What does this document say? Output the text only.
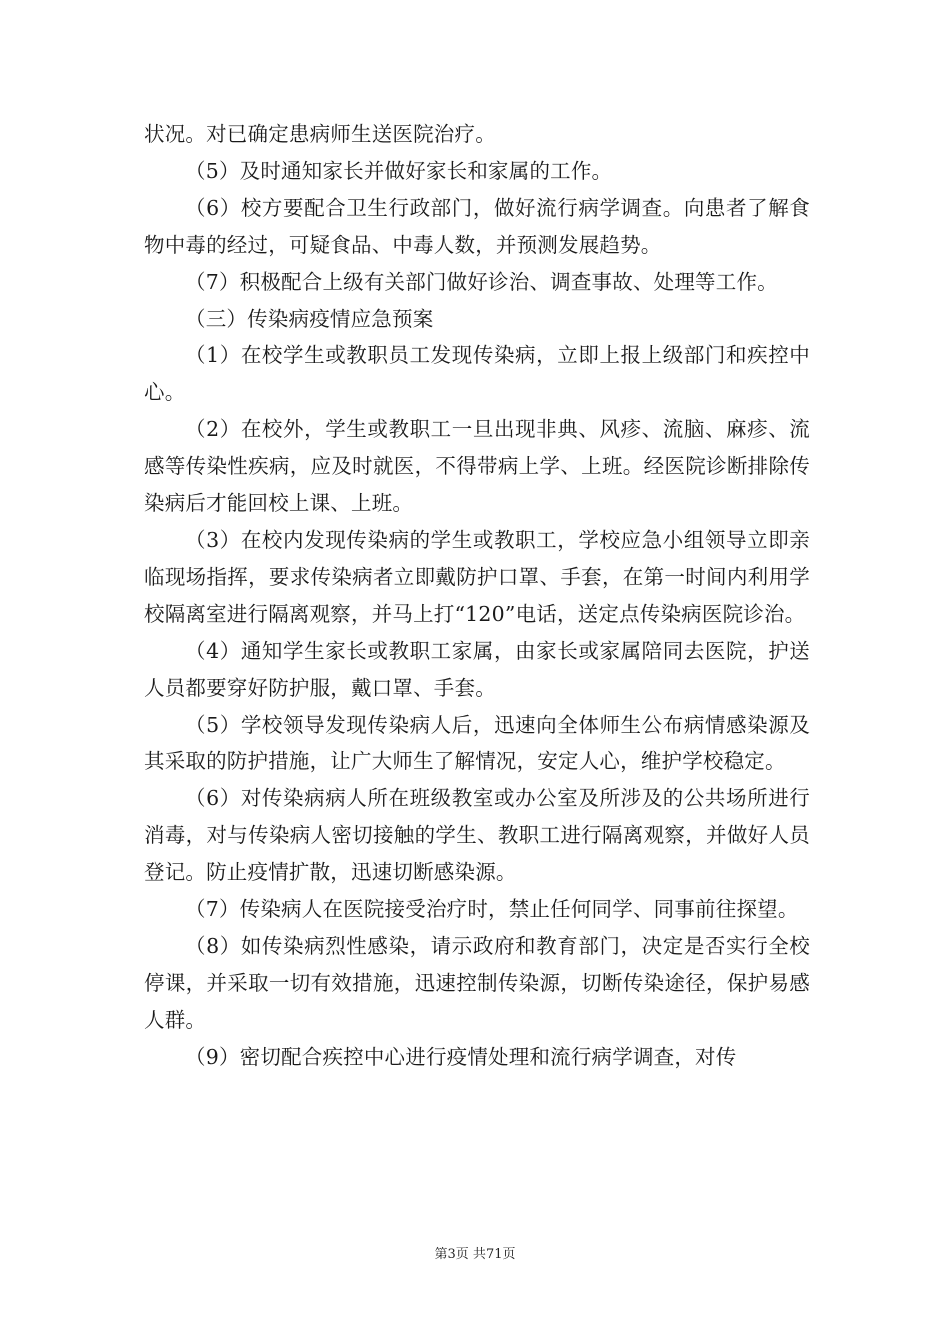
状况。对已确定患病师生送医院治疗。

（5）及时通知家长并做好家长和家属的工作。

（6）校方要配合卫生行政部门，做好流行病学调查。向患者了解食物中毒的经过，可疑食品、中毒人数，并预测发展趋势。

（7）积极配合上级有关部门做好诊治、调查事故、处理等工作。

（三）传染病疫情应急预案

（1）在校学生或教职员工发现传染病，立即上报上级部门和疾控中心。

（2）在校外，学生或教职工一旦出现非典、风疹、流脑、麻疹、流感等传染性疾病，应及时就医，不得带病上学、上班。经医院诊断排除传染病后才能回校上课、上班。

（3）在校内发现传染病的学生或教职工，学校应急小组领导立即亲临现场指挥，要求传染病者立即戴防护口罩、手套，在第一时间内利用学校隔离室进行隔离观察，并马上打“120”电话，送定点传染病医院诊治。

（4）通知学生家长或教职工家属，由家长或家属陪同去医院，护送人员都要穿好防护服，戴口罩、手套。

（5）学校领导发现传染病人后，迅速向全体师生公布病情感染源及其采取的防护措施，让广大师生了解情况，安定人心，维护学校稳定。

（6）对传染病病人所在班级教室或办公室及所涉及的公共场所进行消毒，对与传染病人密切接触的学生、教职工进行隔离观察，并做好人员登记。防止疫情扩散，迅速切断感染源。

（7）传染病人在医院接受治疗时，禁止任何同学、同事前往探望。

（8）如传染病烈性感染，请示政府和教育部门，决定是否实行全校停课，并采取一切有效措施，迅速控制传染源，切断传染途径，保护易感人群。

（9）密切配合疾控中心进行疫情处理和流行病学调查，对传

第3页 共71页
